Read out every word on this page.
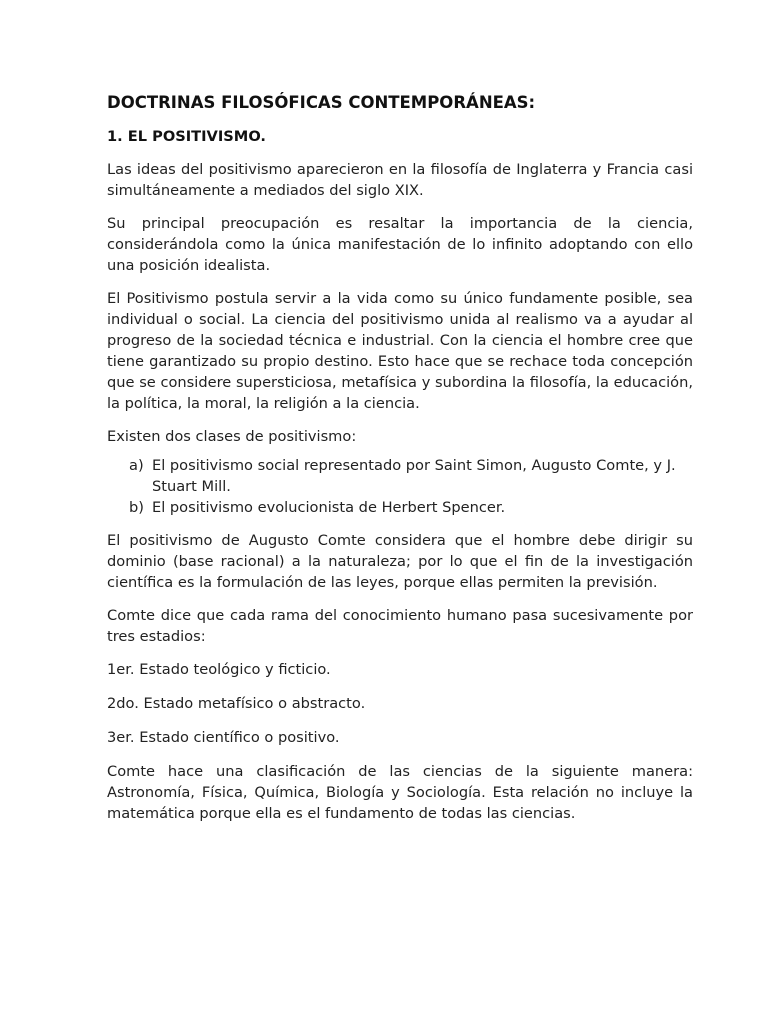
DOCTRINAS FILOSÓFICAS CONTEMPORÁNEAS:
1. EL POSITIVISMO.

Las ideas del positivismo aparecieron en la filosofía de Inglaterra y Francia casi simultáneamente a mediados del siglo XIX.

Su principal preocupación es resaltar la importancia de la ciencia, considerándola como la única manifestación de lo infinito adoptando con ello una posición idealista.

El Positivismo postula servir a la vida como su único fundamente posible, sea individual o social. La ciencia del positivismo unida al realismo va a ayudar al progreso de la sociedad técnica e industrial. Con la ciencia el hombre cree que tiene garantizado su propio destino. Esto hace que se rechace toda concepción que se considere supersticiosa, metafísica y subordina la filosofía, la educación, la política, la moral, la religión a la ciencia.

Existen dos clases de positivismo:

a) El positivismo social representado por Saint Simon, Augusto Comte, y J. Stuart Mill.
b) El positivismo evolucionista de Herbert Spencer.

El positivismo de Augusto Comte considera que el hombre debe dirigir su dominio (base racional) a la naturaleza; por lo que el fin de la investigación científica es la formulación de las leyes, porque ellas permiten la previsión.

Comte dice que cada rama del conocimiento humano pasa sucesivamente por tres estadios:

1er. Estado teológico y ficticio.

2do. Estado metafísico o abstracto.

3er. Estado científico o positivo.

Comte hace una clasificación de las ciencias de la siguiente manera: Astronomía, Física, Química, Biología y Sociología. Esta relación no incluye la matemática porque ella es el fundamento de todas las ciencias.
